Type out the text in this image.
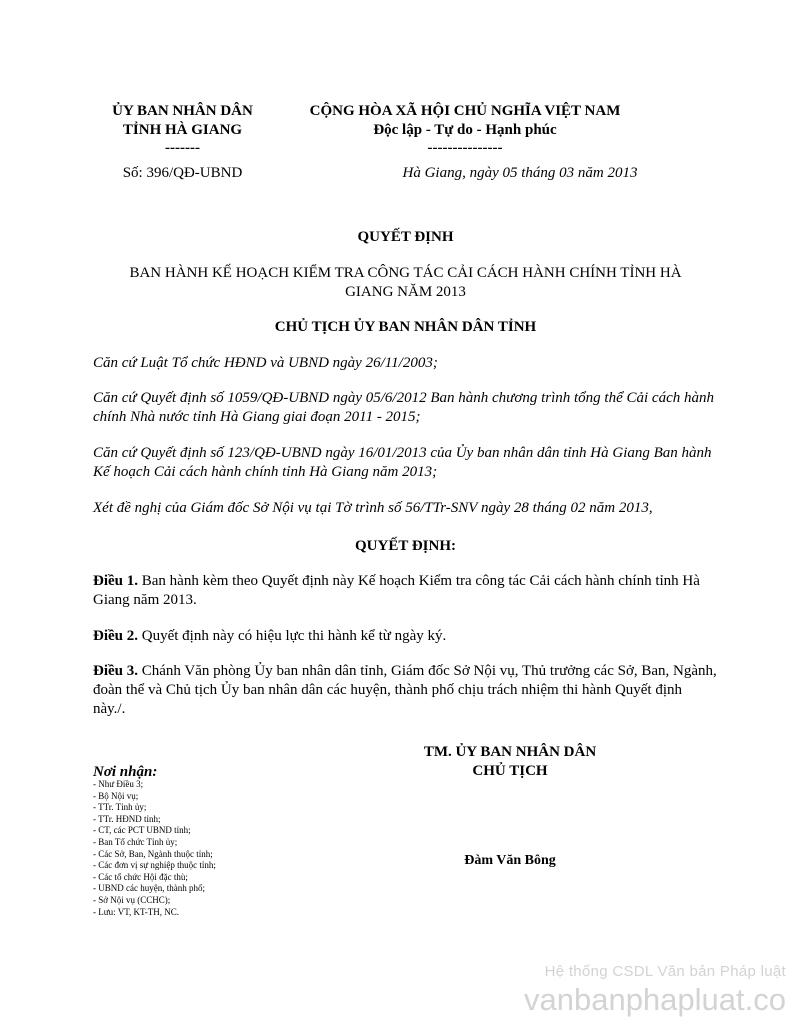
ỦY BAN NHÂN DÂN
TỈNH HÀ GIANG
-------
Số: 396/QĐ-UBND
CỘNG HÒA XÃ HỘI CHỦ NGHĨA VIỆT NAM
Độc lập - Tự do - Hạnh phúc
---------------
Hà Giang, ngày 05 tháng 03 năm 2013
QUYẾT ĐỊNH
BAN HÀNH KẾ HOẠCH KIỂM TRA CÔNG TÁC CẢI CÁCH HÀNH CHÍNH TỈNH HÀ
GIANG NĂM 2013
CHỦ TỊCH ỦY BAN NHÂN DÂN TỈNH
Căn cứ Luật Tổ chức HĐND và UBND ngày 26/11/2003;
Căn cứ Quyết định số 1059/QĐ-UBND ngày 05/6/2012 Ban hành chương trình tổng thể Cải cách hành chính Nhà nước tỉnh Hà Giang giai đoạn 2011 - 2015;
Căn cứ Quyết định số 123/QĐ-UBND ngày 16/01/2013 của Ủy ban nhân dân tỉnh Hà Giang Ban hành Kế hoạch Cải cách hành chính tỉnh Hà Giang năm 2013;
Xét đề nghị của Giám đốc Sở Nội vụ tại Tờ trình số 56/TTr-SNV ngày 28 tháng 02 năm 2013,
QUYẾT ĐỊNH:
Điều 1. Ban hành kèm theo Quyết định này Kế hoạch Kiểm tra công tác Cải cách hành chính tỉnh Hà Giang năm 2013.
Điều 2. Quyết định này có hiệu lực thi hành kể từ ngày ký.
Điều 3. Chánh Văn phòng Ủy ban nhân dân tỉnh, Giám đốc Sở Nội vụ, Thủ trưởng các Sở, Ban, Ngành, đoàn thể và Chủ tịch Ủy ban nhân dân các huyện, thành phố chịu trách nhiệm thi hành Quyết định này./.
TM. ỦY BAN NHÂN DÂN
CHỦ TỊCH
Đàm Văn Bông
Nơi nhận:
- Như Điều 3;
- Bộ Nội vụ;
- TTr. Tỉnh ủy;
- TTr. HĐND tỉnh;
- CT, các PCT UBND tỉnh;
- Ban Tổ chức Tỉnh ủy;
- Các Sở, Ban, Ngành thuộc tỉnh;
- Các đơn vị sự nghiệp thuộc tỉnh;
- Các tổ chức Hội đặc thù;
- UBND các huyện, thành phố;
- Sở Nội vụ (CCHC);
- Lưu: VT, KT-TH, NC.
Hệ thống CSDL Văn bản Pháp luật
vanbanphapluat.co
